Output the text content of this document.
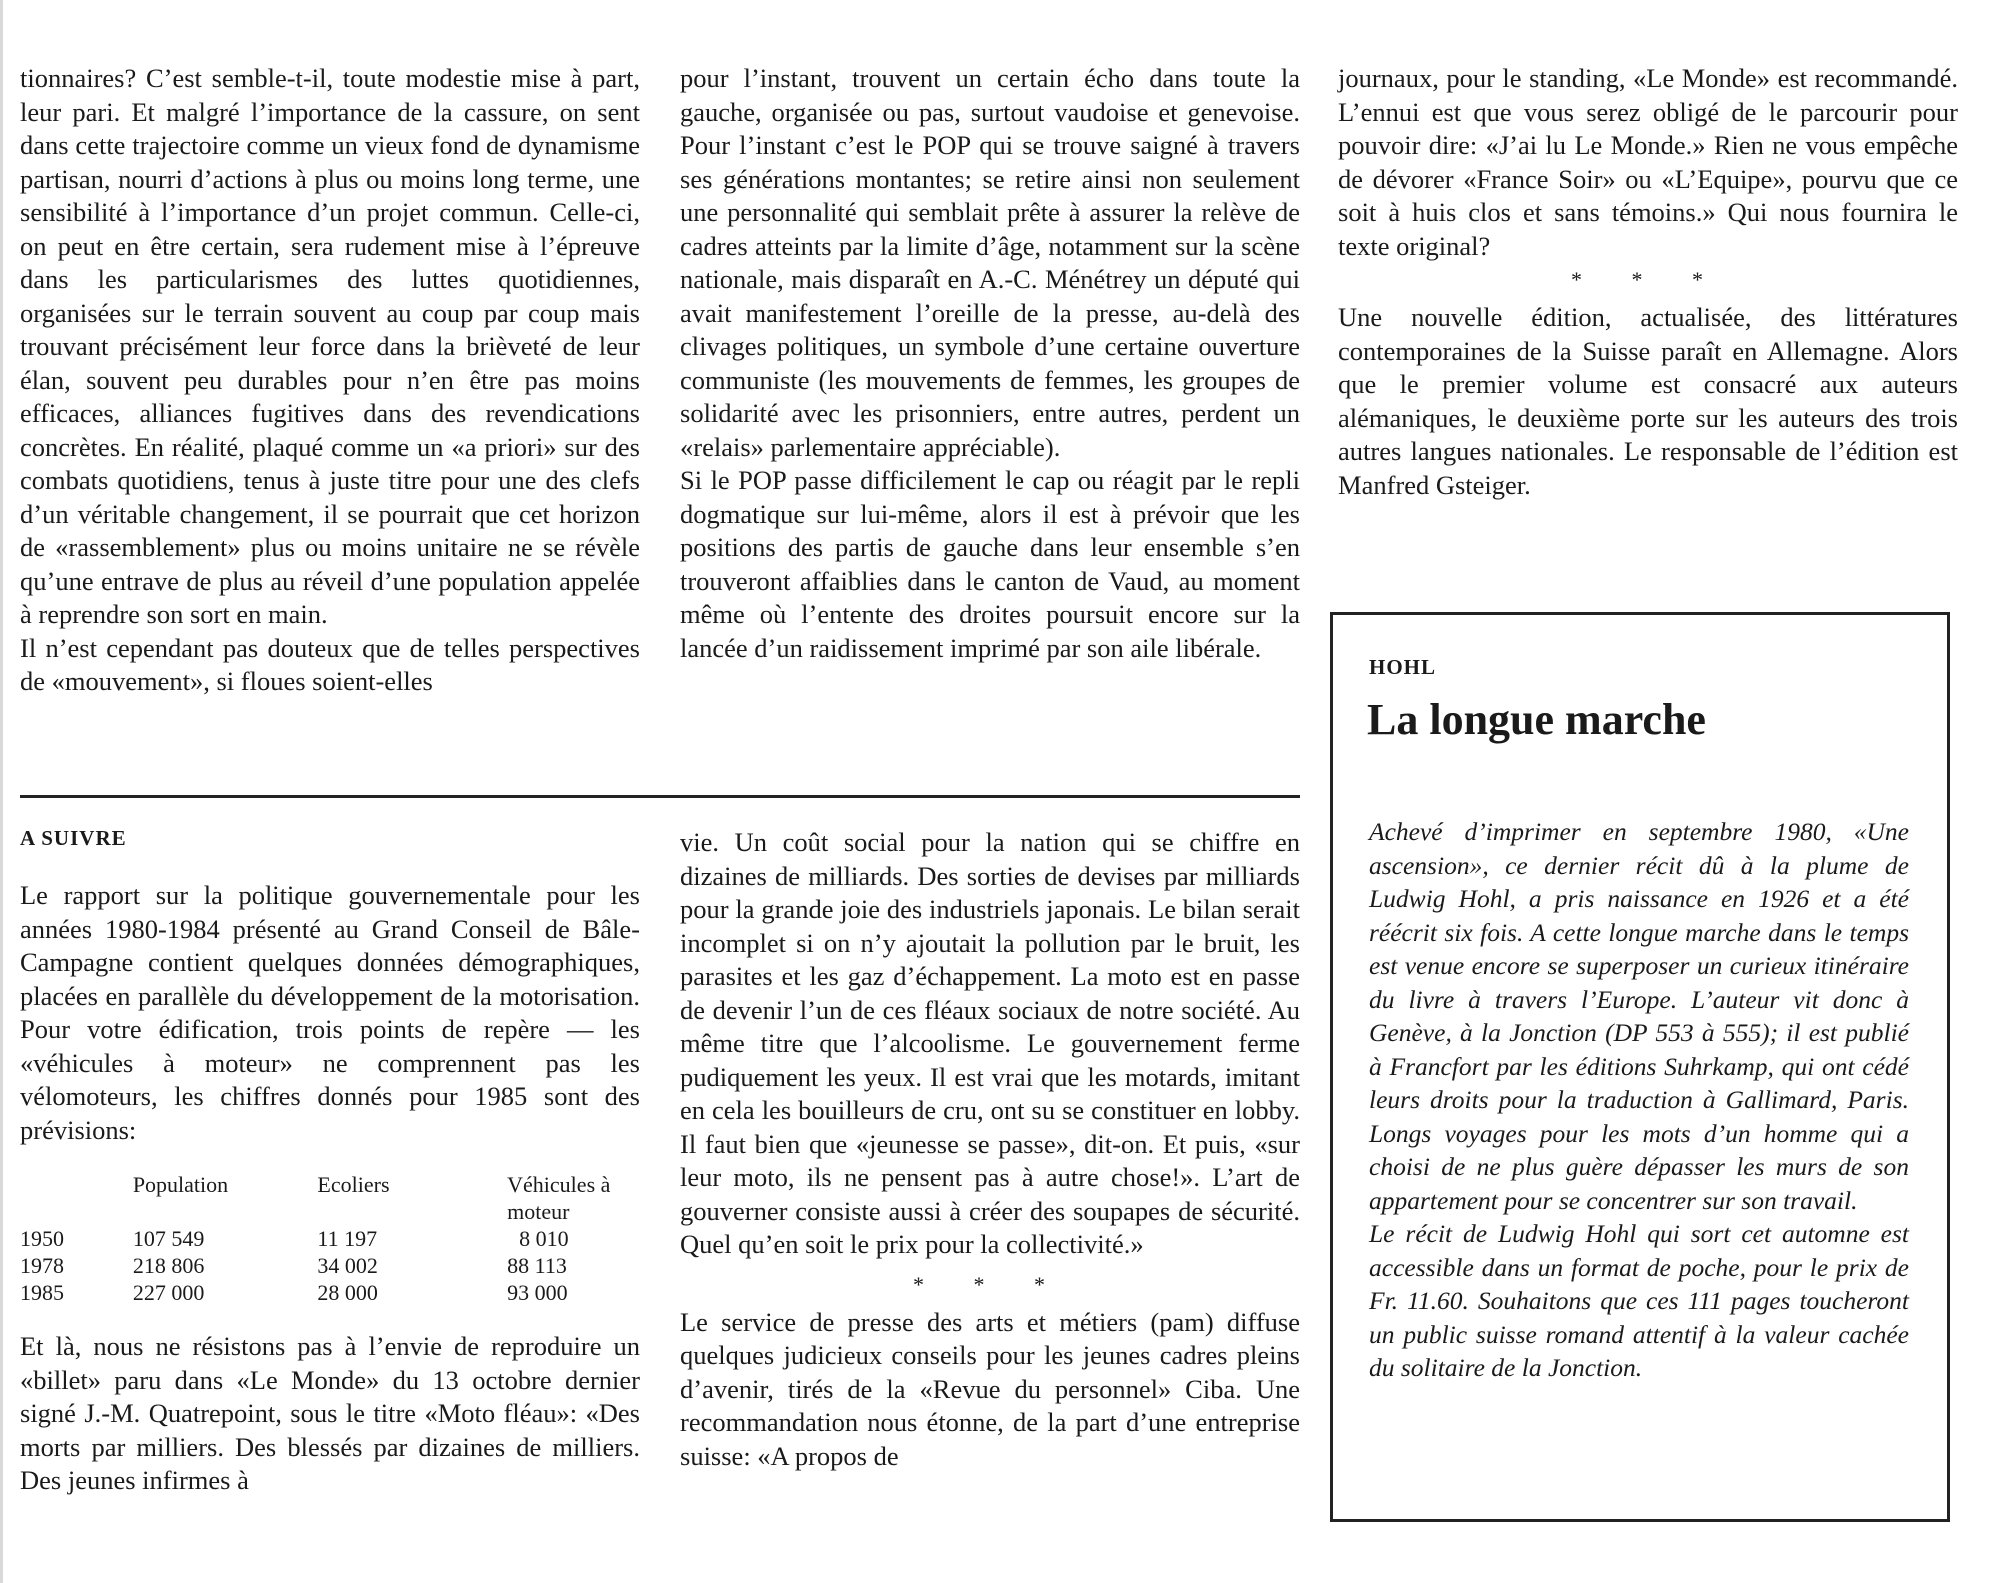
tionnaires? C’est semble-t-il, toute modestie mise à part, leur pari. Et malgré l’importance de la cassure, on sent dans cette trajectoire comme un vieux fond de dynamisme partisan, nourri d’actions à plus ou moins long terme, une sensibilité à l’importance d’un projet commun. Celle-ci, on peut en être certain, sera rudement mise à l’épreuve dans les particularismes des luttes quotidiennes, organisées sur le terrain souvent au coup par coup mais trouvant précisément leur force dans la brièveté de leur élan, souvent peu durables pour n’en être pas moins efficaces, alliances fugitives dans des revendications concrètes. En réalité, plaqué comme un «a priori» sur des combats quotidiens, tenus à juste titre pour une des clefs d’un véritable changement, il se pourrait que cet horizon de «rassemblement» plus ou moins unitaire ne se révèle qu’une entrave de plus au réveil d’une population appelée à reprendre son sort en main.

Il n’est cependant pas douteux que de telles perspectives de «mouvement», si floues soient-elles

pour l’instant, trouvent un certain écho dans toute la gauche, organisée ou pas, surtout vaudoise et genevoise. Pour l’instant c’est le POP qui se trouve saigné à travers ses générations montantes; se retire ainsi non seulement une personnalité qui semblait prête à assurer la relève de cadres atteints par la limite d’âge, notamment sur la scène nationale, mais disparaît en A.-C. Ménétrey un député qui avait manifestement l’oreille de la presse, au-delà des clivages politiques, un symbole d’une certaine ouverture communiste (les mouvements de femmes, les groupes de solidarité avec les prisonniers, entre autres, perdent un «relais» parlementaire appréciable).

Si le POP passe difficilement le cap ou réagit par le repli dogmatique sur lui-même, alors il est à prévoir que les positions des partis de gauche dans leur ensemble s’en trouveront affaiblies dans le canton de Vaud, au moment même où l’entente des droites poursuit encore sur la lancée d’un raidissement imprimé par son aile libérale.

journaux, pour le standing, «Le Monde» est recommandé. L’ennui est que vous serez obligé de le parcourir pour pouvoir dire: «J’ai lu Le Monde.» Rien ne vous empêche de dévorer «France Soir» ou «L’Equipe», pourvu que ce soit à huis clos et sans témoins.» Qui nous fournira le texte original?

* * *

Une nouvelle édition, actualisée, des littératures contemporaines de la Suisse paraît en Allemagne. Alors que le premier volume est consacré aux auteurs alémaniques, le deuxième porte sur les auteurs des trois autres langues nationales. Le responsable de l’édition est Manfred Gsteiger.

A SUIVRE

Le rapport sur la politique gouvernementale pour les années 1980-1984 présenté au Grand Conseil de Bâle-Campagne contient quelques données démographiques, placées en parallèle du développement de la motorisation. Pour votre édification, trois points de repère — les «véhicules à moteur» ne comprennent pas les vélomoteurs, les chiffres donnés pour 1985 sont des prévisions:

	Population	Ecoliers	Véhicules à moteur
1950	107 549	11 197	8 010
1978	218 806	34 002	88 113
1985	227 000	28 000	93 000

Et là, nous ne résistons pas à l’envie de reproduire un «billet» paru dans «Le Monde» du 13 octobre dernier signé J.-M. Quatrepoint, sous le titre «Moto fléau»: «Des morts par milliers. Des blessés par dizaines de milliers. Des jeunes infirmes à

vie. Un coût social pour la nation qui se chiffre en dizaines de milliards. Des sorties de devises par milliards pour la grande joie des industriels japonais. Le bilan serait incomplet si on n’y ajoutait la pollution par le bruit, les parasites et les gaz d’échappement. La moto est en passe de devenir l’un de ces fléaux sociaux de notre société. Au même titre que l’alcoolisme. Le gouvernement ferme pudiquement les yeux. Il est vrai que les motards, imitant en cela les bouilleurs de cru, ont su se constituer en lobby. Il faut bien que «jeunesse se passe», dit-on. Et puis, «sur leur moto, ils ne pensent pas à autre chose!». L’art de gouverner consiste aussi à créer des soupapes de sécurité. Quel qu’en soit le prix pour la collectivité.»

* * *

Le service de presse des arts et métiers (pam) diffuse quelques judicieux conseils pour les jeunes cadres pleins d’avenir, tirés de la «Revue du personnel» Ciba. Une recommandation nous étonne, de la part d’une entreprise suisse: «A propos de

HOHL

La longue marche

Achevé d’imprimer en septembre 1980, «Une ascension», ce dernier récit dû à la plume de Ludwig Hohl, a pris naissance en 1926 et a été réécrit six fois. A cette longue marche dans le temps est venue encore se superposer un curieux itinéraire du livre à travers l’Europe. L’auteur vit donc à Genève, à la Jonction (DP 553 à 555); il est publié à Francfort par les éditions Suhrkamp, qui ont cédé leurs droits pour la traduction à Gallimard, Paris. Longs voyages pour les mots d’un homme qui a choisi de ne plus guère dépasser les murs de son appartement pour se concentrer sur son travail.

Le récit de Ludwig Hohl qui sort cet automne est accessible dans un format de poche, pour le prix de Fr. 11.60. Souhaitons que ces 111 pages toucheront un public suisse romand attentif à la valeur cachée du solitaire de la Jonction.
